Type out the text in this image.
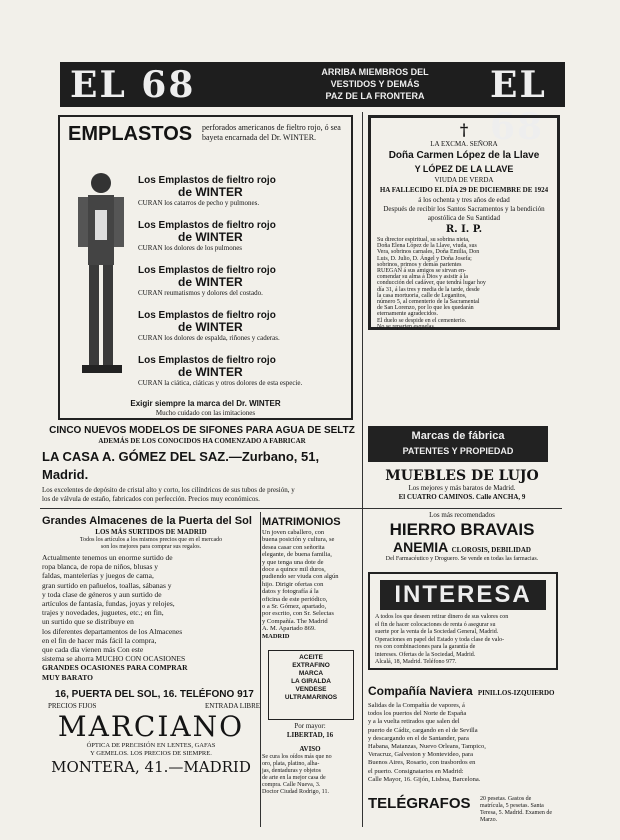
EL 68	ARRIBA MIEMBROS DEL
VESTIDOS Y DEMÁS
PAZ DE LA FRONTERA	EL 68
EMPLASTOS perforados americanos de fieltro rojo, ó sea bayeta encarnada del Dr. WINTER.
Los Emplastos de fieltro rojo
de WINTER
CURAN los catarros de pecho y pulmones.
Los Emplastos de fieltro rojo
de WINTER
CURAN los dolores de los pulmones
Los Emplastos de fieltro rojo
de WINTER
CURAN reumatismos y dolores del costado.
Los Emplastos de fieltro rojo
de WINTER
CURAN los dolores de espalda, riñones y caderas.
Los Emplastos de fieltro rojo
de WINTER
CURAN la ciática, ciáticas y otros dolores de esta especie.
Exigir siempre la marca del Dr. WINTER
Mucho cuidado con las imitaciones
†
LA EXCMA. SEÑORA
Doña Carmen López de la Llave
Y LÓPEZ DE LA LLAVE
VIUDA DE VERDA
HA FALLECIDO EL DÍA 29 DE DICIEMBRE DE 1924
á los ochenta y tres años de edad
Después de recibir los Santos Sacramentos y la bendición apostólica de Su Santidad
R. I. P.
Su director espiritual, su sobrina nieta,
Doña Elena López de la Llave, viuda, sus
Vera, sobrinos carnales, Doña Emilia, Don
Luis, D. Julio, D. Ángel y Doña Josefa;
sobrinos, primos y demás parientes
RUEGAN á sus amigos se sirvan en-
comendar su alma á Dios y asistir á la
conducción del cadáver, que tendrá lugar hoy
día 31, á las tres y media de la tarde, desde
la casa mortuoria, calle de Leganitos,
número 5, al cementerio de la Sacramental
de San Lorenzo, por lo que les quedarán
eternamente agradecidos.
El duelo se despide en el cementerio.
No se reparten esquelas.
CINCO NUEVOS MODELOS DE SIFONES PARA AGUA DE SELTZ
ADEMÁS DE LOS CONOCIDOS HA COMENZADO A FABRICAR
LA CASA A. GÓMEZ DEL SAZ.—Zurbano, 51, Madrid.
Los excelentes de depósito de cristal alto y corto, los cilíndricos de sus tubos de presión, y
los de válvula de estaño, fabricados con perfección. Precios muy económicos.
Marcas de fábrica
PATENTES Y PROPIEDAD
MUEBLES DE LUJO
Los mejores y más baratos de Madrid.
El CUATRO CAMINOS. Calle ANCHA, 9
Los más recomendados
HIERRO BRAVAIS
ANEMIA CLOROSIS, DEBILIDAD
Del Farmacéutico y Droguero. Se vende en todas las farmacias.
INTERESA
A todos los que deseen retirar dinero de sus valores con
el fin de hacer colocaciones de renta ó asegurar su
suerte por la venta de la Sociedad General, Madrid.
Operaciones en papel del Estado y toda clase de valo-
res con combinaciones para la garantía de
intereses. Ofertas de la Sociedad, Madrid.
Alcalá, 18, Madrid. Teléfono 977.
Grandes Almacenes de la Puerta del Sol
LOS MÁS SURTIDOS DE MADRID
Todos los artículos a los mismos precios que en el mercado
son los mejores para comprar sus regalos.
Actualmente tenemos un enorme surtido de
ropa blanca, de ropa de niños, blusas y
faldas, mantelerías y juegos de cama,
gran surtido en pañuelos, toallas, sábanas y
y toda clase de géneros y aun surtido de
artículos de fantasía, fundas, joyas y relojes,
trajes y novedades, juguetes, etc.; en fin,
un surtido que se distribuye en
los diferentes departamentos de los Almacenes
en el fin de hacer más fácil la compra,
que cada día vienen más Con este
sistema se ahorra MUCHO CON OCASIONES
GRANDES OCASIONES PARA COMPRAR
MUY BARATO
16, PUERTA DEL SOL, 16. TELÉFONO 917
PRECIOS FIJOS	ENTRADA LIBRE
MARCIANO
ÓPTICA DE PRECISIÓN EN LENTES, GAFAS
Y GEMELOS. LOS PRECIOS DE SIEMPRE.
MONTERA, 41.—MADRID
MATRIMONIOS
Un joven caballero, con
buena posición y cultura, se
desea casar con señorita
elegante, de buena familia,
y que tenga una dote de
doce a quince mil duros,
pudiendo ser viuda con algún
hijo. Dirigir ofertas con
datos y fotografía á la
oficina de este periódico,
o a Sr. Gómez, apartado,
por escrito, con Sr. Selectas
y Compañía. The Madrid
A. M. Apartado 869.
MADRID
ACEITE
EXTRAFINO
MARCA
LA GIRALDA
VENDESE
ULTRAMARINOS
Por mayor:
LIBERTAD, 16
AVISO
Se cura los oídos más que no
oro, plata, platino, alha-
jas, dentaduras y objetos
de arte en la mejor casa de
compra. Calle Nueva, 3.
Doctor Ciudad Rodrigo, 11.
Compañía Naviera PINILLOS-IZQUIERDO
Salidas de la Compañía de vapores, á
todos los puertos del Norte de España
y a la vuelta retirados que salen del
puerto de Cádiz, cargando en el de Sevilla
y descargando en el de Santander, para
Habana, Matanzas, Nuevo Orleans, Tampico,
Veracruz, Galveston y Montevideo, para
Buenos Aires, Rosario, con trasbordos en
el puerto. Consignatarios en Madrid:
Calle Mayor, 16. Gijón, Lisboa, Barcelona.
TELÉGRAFOS 20 pesetas. Gastos de
matrícula, 5 pesetas. Santa
Teresa, 5. Madrid. Examen de Marzo.
